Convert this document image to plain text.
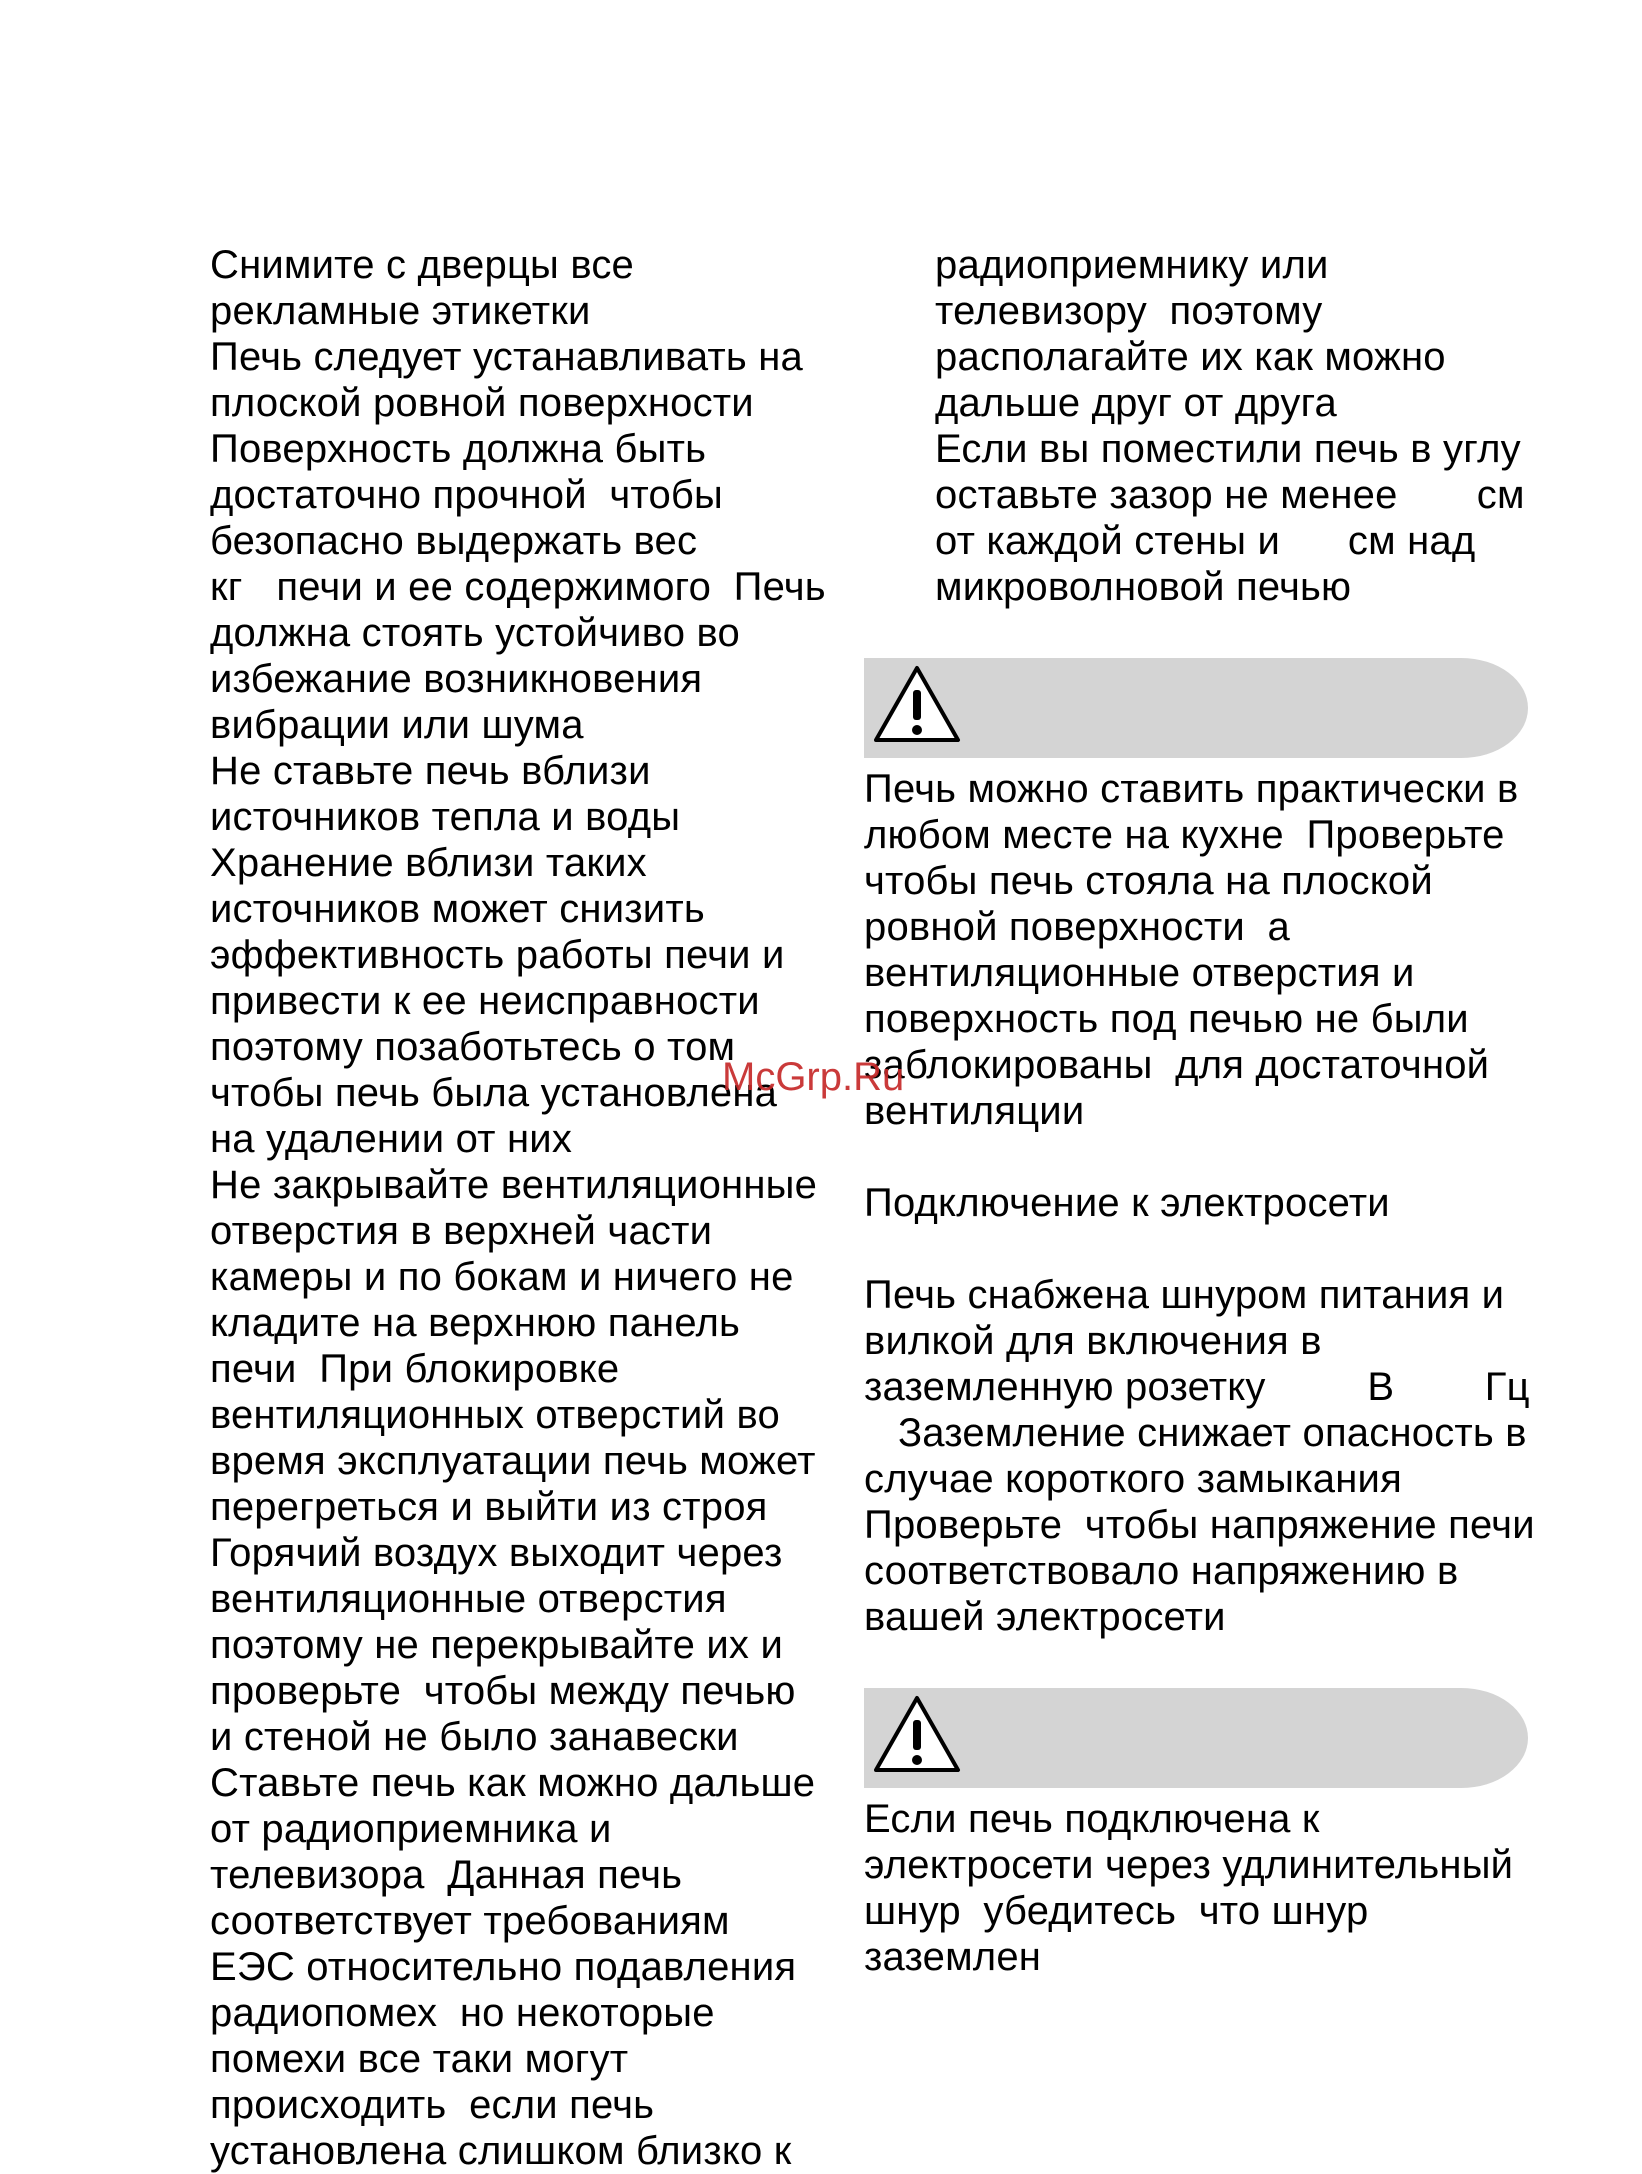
Снимите с дверцы все
рекламные этикетки
Печь следует устанавливать на
плоской ровной поверхности
Поверхность должна быть
достаточно прочной  чтобы
безопасно выдержать вес
кг   печи и ее содержимого  Печь
должна стоять устойчиво во
избежание возникновения
вибрации или шума
Не ставьте печь вблизи
источников тепла и воды
Хранение вблизи таких
источников может снизить
эффективность работы печи и
привести к ее неисправности
поэтому позаботьтесь о том
чтобы печь была установлена
на удалении от них
Не закрывайте вентиляционные
отверстия в верхней части
камеры и по бокам и ничего не
кладите на верхнюю панель
печи  При блокировке
вентиляционных отверстий во
время эксплуатации печь может
перегреться и выйти из строя
Горячий воздух выходит через
вентиляционные отверстия
поэтому не перекрывайте их и
проверьте  чтобы между печью
и стеной не было занавески
Ставьте печь как можно дальше
от радиоприемника и
телевизора  Данная печь
соответствует требованиям
ЕЭС относительно подавления
радиопомех  но некоторые
помехи все таки могут
происходить  если печь
установлена слишком близко к
радиоприемнику или
телевизору  поэтому
располагайте их как можно
дальше друг от друга
Если вы поместили печь в углу
оставьте зазор не менее       см
от каждой стены и      см над
микроволновой печью
Печь можно ставить практически в
любом месте на кухне  Проверьте
чтобы печь стояла на плоской
ровной поверхности  а
вентиляционные отверстия и
поверхность под печью не были
заблокированы  для достаточной
вентиляции
Подключение к электросети
Печь снабжена шнуром питания и
вилкой для включения в
заземленную розетку         В        Гц
Заземление снижает опасность в
случае короткого замыкания
Проверьте  чтобы напряжение печи
соответствовало напряжению в
вашей электросети
Если печь подключена к
электросети через удлинительный
шнур  убедитесь  что шнур
заземлен
McGrp.Ru
